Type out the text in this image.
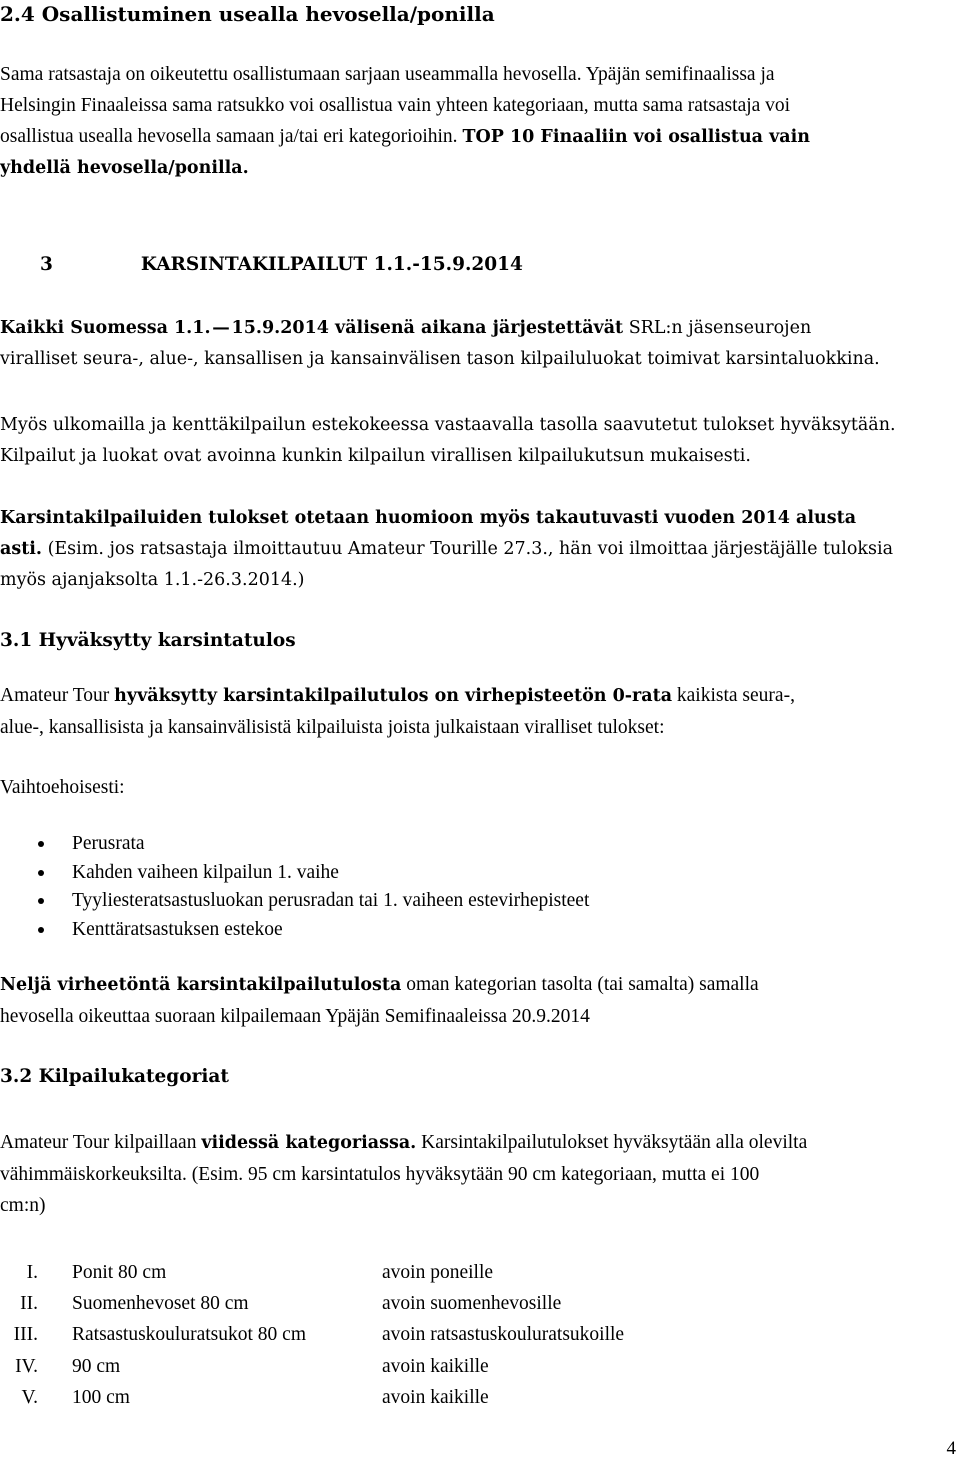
2.4 Osallistuminen usealla hevosella/ponilla
Sama ratsastaja on oikeutettu osallistumaan sarjaan useammalla hevosella. Ypäjän semifinaalissa ja
Helsingin Finaaleissa sama ratsukko voi osallistua vain yhteen kategoriaan, mutta sama ratsastaja voi
osallistua usealla hevosella samaan ja/tai eri kategorioihin. TOP 10 Finaaliin voi osallistua vain
yhdellä hevosella/ponilla.
3	KARSINTAKILPAILUT 1.1.-15.9.2014
Kaikki Suomessa 1.1. — 15.9.2014 välisenä aikana järjestettävät SRL:n jäsenseurojen
viralliset seura-, alue-, kansallisen ja kansainvälisen tason kilpailuluokat toimivat karsintaluokkina.
Myös ulkomailla ja kenttäkilpailun estekokeessa vastaavalla tasolla saavutetut tulokset hyväksytään.
Kilpailut ja luokat ovat avoinna kunkin kilpailun virallisen kilpailukutsun mukaisesti.
Karsintakilpailuiden tulokset otetaan huomioon myös takautuvasti vuoden 2014 alusta
asti. (Esim. jos ratsastaja ilmoittautuu Amateur Tourille 27.3., hän voi ilmoittaa järjestäjälle tuloksia
myös ajanjaksolta 1.1.-26.3.2014.)
3.1 Hyväksytty karsintatulos
Amateur Tour hyväksytty karsintakilpailutulos on virhepisteetön 0-rata kaikista seura-,
alue-, kansallisista ja kansainvälisistä kilpailuista joista julkaistaan viralliset tulokset:
Vaihtoehoisesti:
Perusrata
Kahden vaiheen kilpailun 1. vaihe
Tyyliesteratsastusluokan perusradan tai 1. vaiheen estevirhepisteet
Kenttäratsastuksen estekoe
Neljä virheetöntä karsintakilpailutulosta oman kategorian tasolta (tai samalta) samalla
hevosella oikeuttaa suoraan kilpailemaan Ypäjän Semifinaaleissa 20.9.2014
3.2 Kilpailukategoriat
Amateur Tour kilpaillaan viidessä kategoriassa. Karsintakilpailutulokset hyväksytään alla olevilta
vähimmäiskorkeuksilta. (Esim. 95 cm karsintatulos hyväksytään 90 cm kategoriaan, mutta ei 100
cm:n)
I.	Ponit 80 cm	avoin poneille
II.	Suomenhevoset 80 cm	avoin suomenhevosille
III.	Ratsastuskouluratsukot 80 cm	avoin ratsastuskouluratsukoille
IV.	90 cm	avoin kaikille
V.	100 cm	avoin kaikille
4
